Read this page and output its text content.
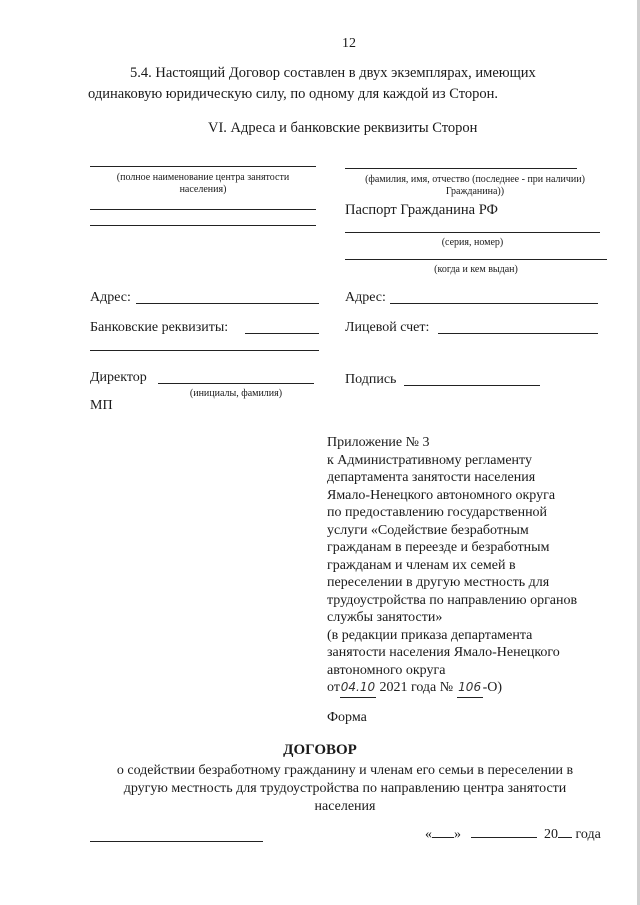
12
5.4. Настоящий Договор составлен в двух экземплярах, имеющих
одинаковую юридическую силу, по одному для каждой из Сторон.
VI. Адреса и банковские реквизиты Сторон
(полное наименование центра занятости
населения)
Адрес:
Банковские реквизиты:
Директор
(инициалы, фамилия)
МП
(фамилия, имя, отчество (последнее - при наличии)
Гражданина))
Паспорт Гражданина РФ
(серия, номер)
(когда и кем выдан)
Адрес:
Лицевой счет:
Подпись
Приложение № 3
к Административному регламенту
департамента занятости населения
Ямало-Ненецкого автономного округа
по предоставлению государственной
услуги «Содействие безработным
гражданам в переезде и безработным
гражданам и членам их семей в
переселении в другую местность для
трудоустройства по направлению органов
службы занятости»
(в редакции приказа департамента
занятости населения Ямало-Ненецкого
автономного округа
от04.10 2021 года № 106 -О)
Форма
ДОГОВОР
о содействии безработному гражданину и членам его семьи в переселении в
другую местность для трудоустройства по направлению центра занятости
населения
« »	20 года
